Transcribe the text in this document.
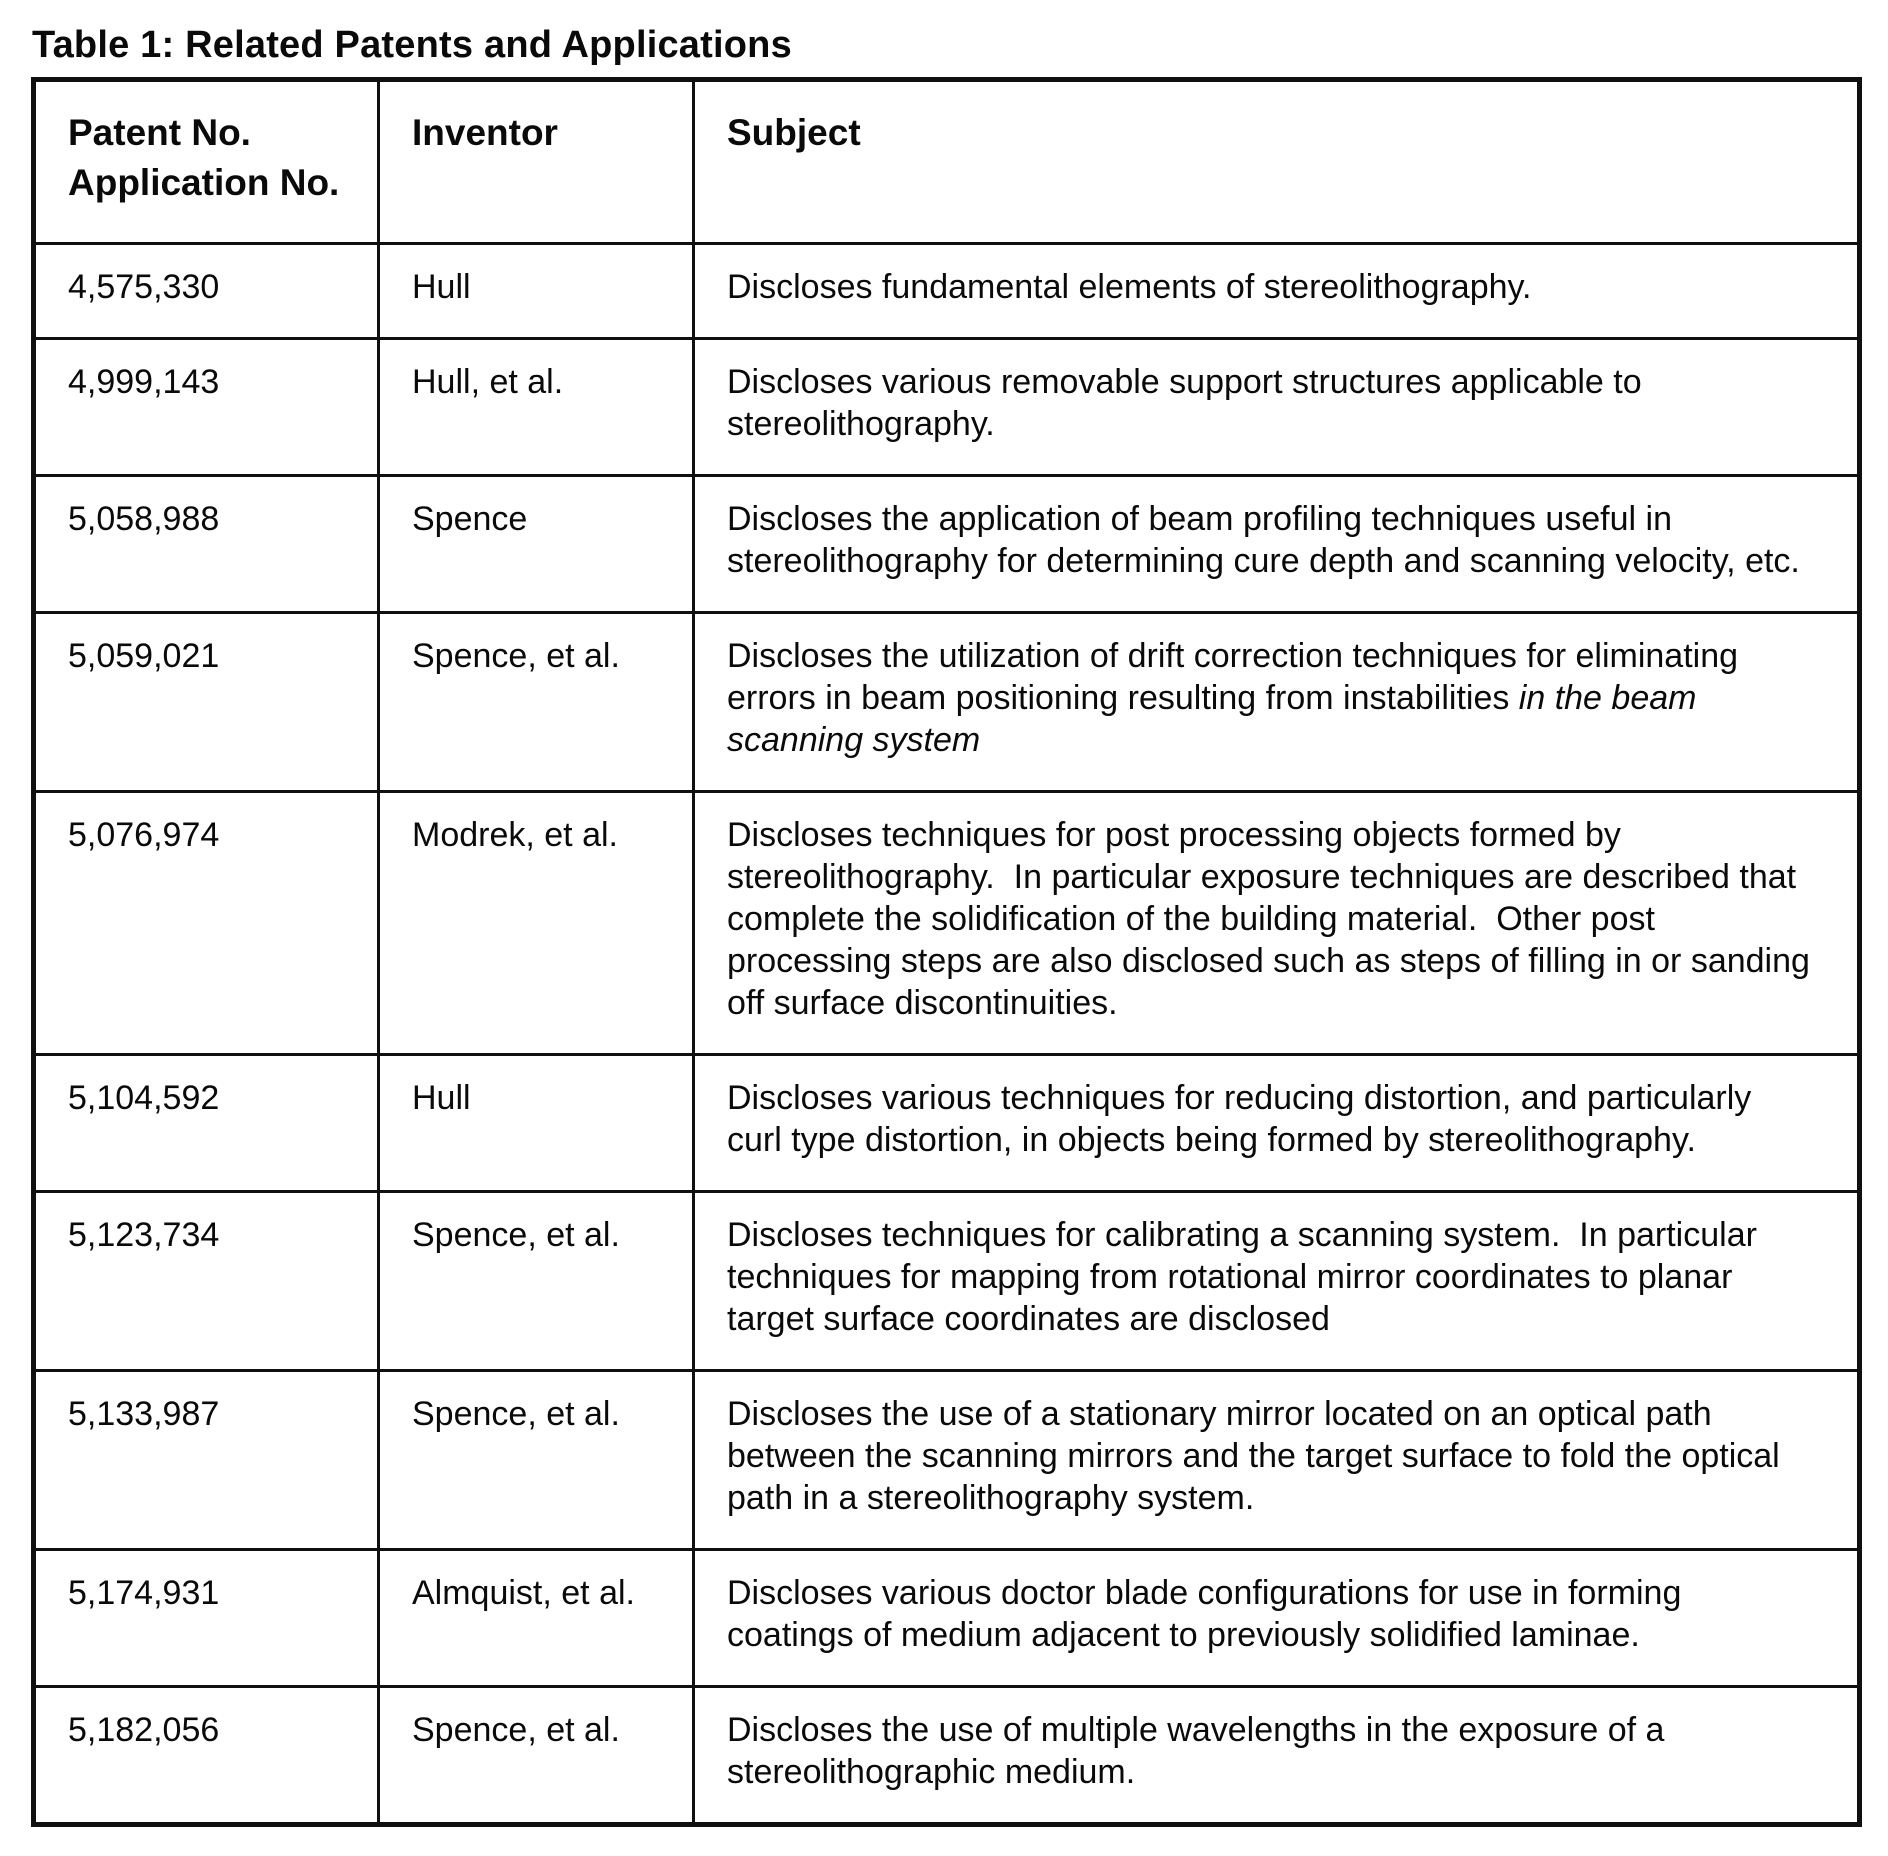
Table 1: Related Patents and Applications
Patent No.
Application No.	Inventor	Subject
4,575,330	Hull	Discloses fundamental elements of stereolithography.
4,999,143	Hull, et al.	Discloses various removable support structures applicable to stereolithography.
5,058,988	Spence	Discloses the application of beam profiling techniques useful in stereolithography for determining cure depth and scanning velocity, etc.
5,059,021	Spence, et al.	Discloses the utilization of drift correction techniques for eliminating errors in beam positioning resulting from instabilities in the beam scanning system
5,076,974	Modrek, et al.	Discloses techniques for post processing objects formed by stereolithography.  In particular exposure techniques are described that complete the solidification of the building material.  Other post processing steps are also disclosed such as steps of filling in or sanding off surface discontinuities.
5,104,592	Hull	Discloses various techniques for reducing distortion, and particularly curl type distortion, in objects being formed by stereolithography.
5,123,734	Spence, et al.	Discloses techniques for calibrating a scanning system.  In particular techniques for mapping from rotational mirror coordinates to planar target surface coordinates are disclosed
5,133,987	Spence, et al.	Discloses the use of a stationary mirror located on an optical path between the scanning mirrors and the target surface to fold the optical path in a stereolithography system.
5,174,931	Almquist, et al.	Discloses various doctor blade configurations for use in forming coatings of medium adjacent to previously solidified laminae.
5,182,056	Spence, et al.	Discloses the use of multiple wavelengths in the exposure of a stereolithographic medium.
